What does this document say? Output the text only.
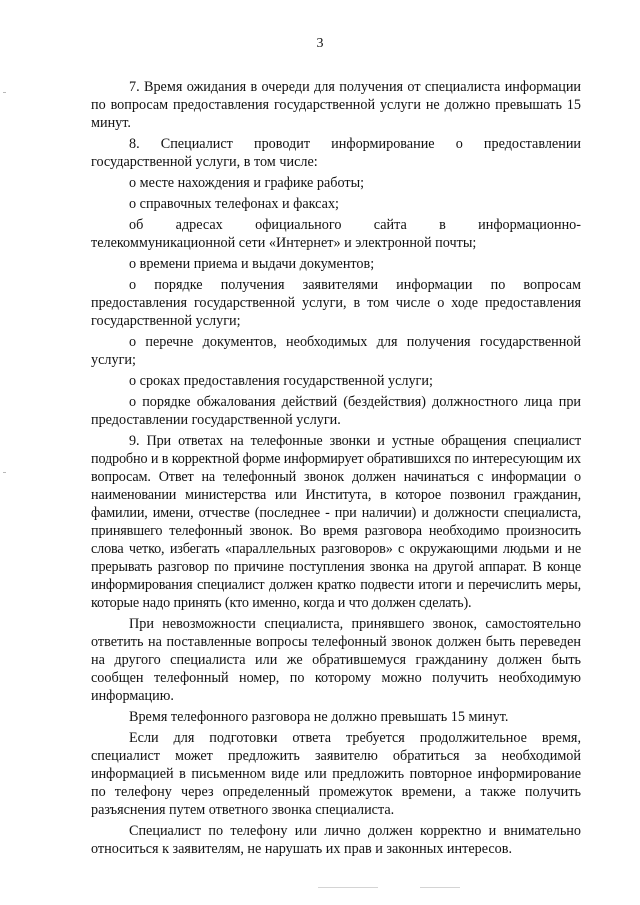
3

7. Время ожидания в очереди для получения от специалиста информации по вопросам предоставления государственной услуги не должно превышать 15 минут.

8. Специалист проводит информирование о предоставлении государственной услуги, в том числе:

о месте нахождения и графике работы;

о справочных телефонах и факсах;

об адресах официального сайта в информационно-телекоммуникационной сети «Интернет» и электронной почты;

о времени приема и выдачи документов;

о порядке получения заявителями информации по вопросам предоставления государственной услуги, в том числе о ходе предоставления государственной услуги;

о перечне документов, необходимых для получения государственной услуги;

о сроках предоставления государственной услуги;

о порядке обжалования действий (бездействия) должностного лица при предоставлении государственной услуги.

9. При ответах на телефонные звонки и устные обращения специалист подробно и в корректной форме информирует обратившихся по интересующим их вопросам. Ответ на телефонный звонок должен начинаться с информации о наименовании министерства или Института, в которое позвонил гражданин, фамилии, имени, отчестве (последнее - при наличии) и должности специалиста, принявшего телефонный звонок. Во время разговора необходимо произносить слова четко, избегать «параллельных разговоров» с окружающими людьми и не прерывать разговор по причине поступления звонка на другой аппарат. В конце информирования специалист должен кратко подвести итоги и перечислить меры, которые надо принять (кто именно, когда и что должен сделать).

При невозможности специалиста, принявшего звонок, самостоятельно ответить на поставленные вопросы телефонный звонок должен быть переведен на другого специалиста или же обратившемуся гражданину должен быть сообщен телефонный номер, по которому можно получить необходимую информацию.

Время телефонного разговора не должно превышать 15 минут.

Если для подготовки ответа требуется продолжительное время, специалист может предложить заявителю обратиться за необходимой информацией в письменном виде или предложить повторное информирование по телефону через определенный промежуток времени, а также получить разъяснения путем ответного звонка специалиста.

Специалист по телефону или лично должен корректно и внимательно относиться к заявителям, не нарушать их прав и законных интересов.
